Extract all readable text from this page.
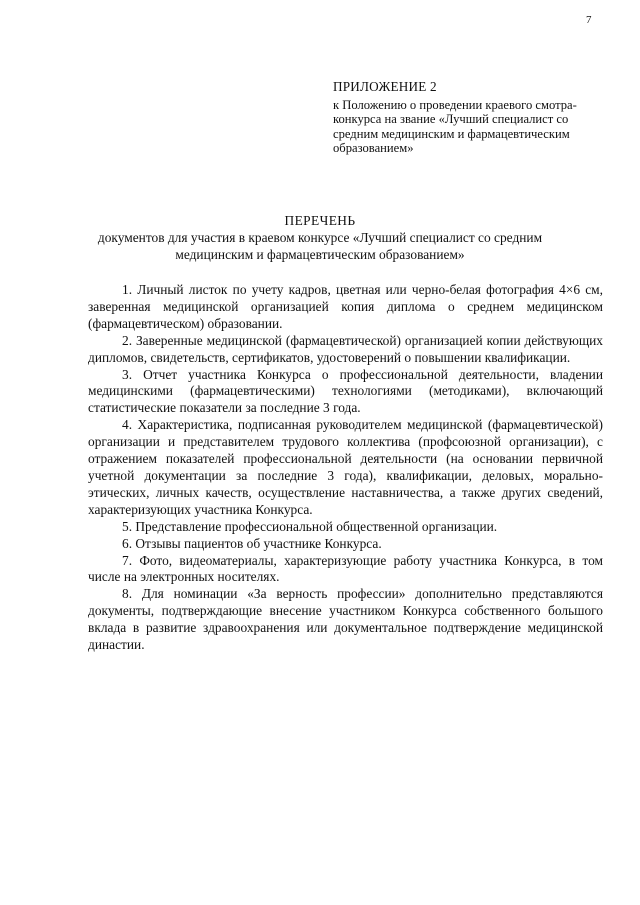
7
ПРИЛОЖЕНИЕ 2
к Положению о проведении краевого смотра-конкурса на звание «Лучший специалист со средним медицинским и фармацевтическим образованием»
ПЕРЕЧЕНЬ
документов для участия в краевом конкурсе «Лучший специалист со средним медицинским и фармацевтическим образованием»

1. Личный листок по учету кадров, цветная или черно-белая фотография 4×6 см, заверенная медицинской организацией копия диплома о среднем медицинском (фармацевтическом) образовании.

2. Заверенные медицинской (фармацевтической) организацией копии действующих дипломов, свидетельств, сертификатов, удостоверений о повышении квалификации.

3. Отчет участника Конкурса о профессиональной деятельности, владении медицинскими (фармацевтическими) технологиями (методиками), включающий статистические показатели за последние 3 года.

4. Характеристика, подписанная руководителем медицинской (фармацевтической) организации и представителем трудового коллектива (профсоюзной организации), с отражением показателей профессиональной деятельности (на основании первичной учетной документации за последние 3 года), квалификации, деловых, морально-этических, личных качеств, осуществление наставничества, а также других сведений, характеризующих участника Конкурса.

5. Представление профессиональной общественной организации.

6. Отзывы пациентов об участнике Конкурса.

7. Фото, видеоматериалы, характеризующие работу участника Конкурса, в том числе на электронных носителях.

8. Для номинации «За верность профессии» дополнительно представляются документы, подтверждающие внесение участником Конкурса собственного большого вклада в развитие здравоохранения или документальное подтверждение медицинской династии.
